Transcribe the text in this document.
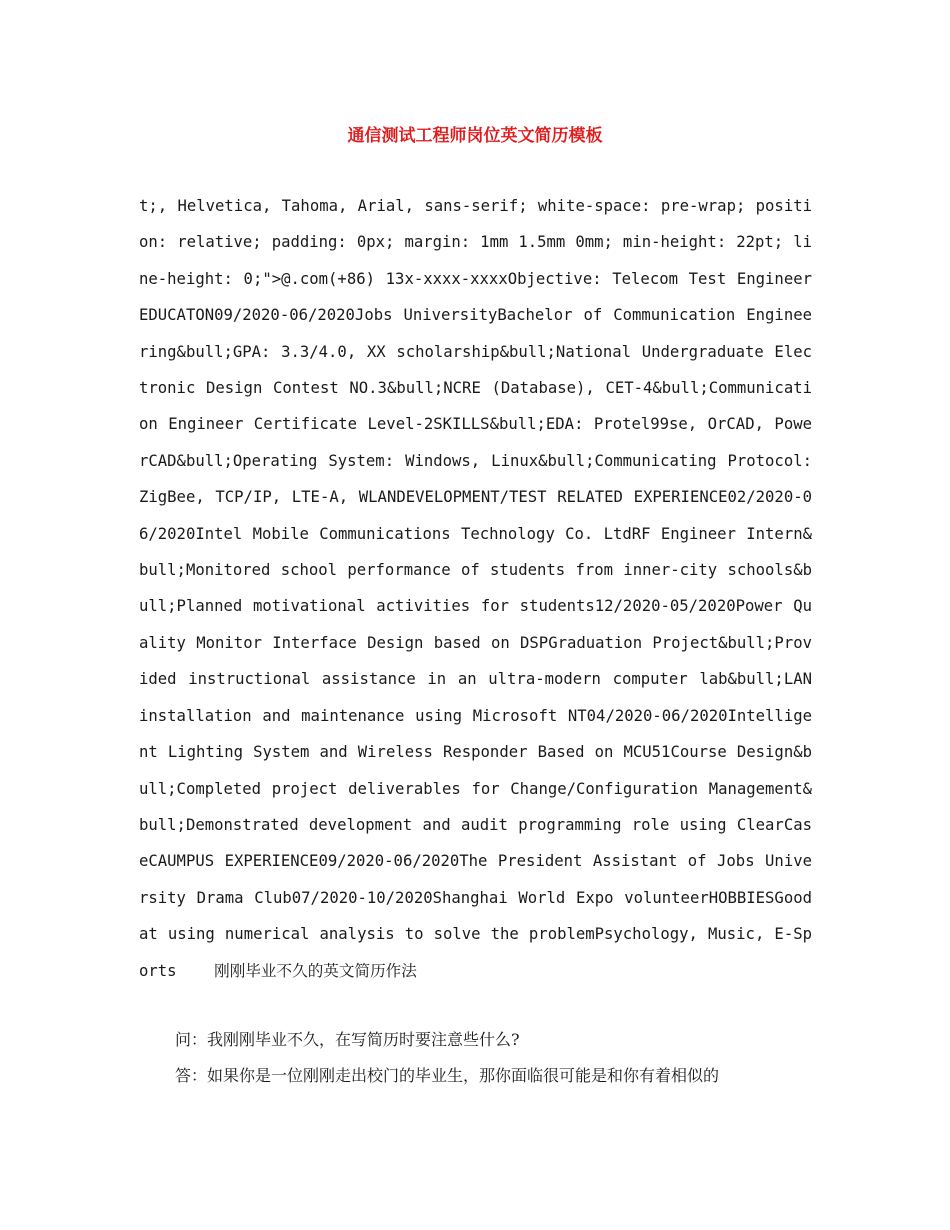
通信测试工程师岗位英文简历模板
t;, Helvetica, Tahoma, Arial, sans-serif; white-space: pre-wrap; position: relative; padding: 0px; margin: 1mm 1.5mm 0mm; min-height: 22pt; line-height: 0;">@.com(+86) 13x-xxxx-xxxxObjective: Telecom Test EngineerEDUCATON09/2020-06/2020Jobs UniversityBachelor of Communication Engineering&bull;GPA: 3.3/4.0, XX scholarship&bull;National Undergraduate Electronic Design Contest NO.3&bull;NCRE (Database), CET-4&bull;Communication Engineer Certificate Level-2SKILLS&bull;EDA: Protel99se, OrCAD, PowerCAD&bull;Operating System: Windows, Linux&bull;Communicating Protocol: ZigBee, TCP/IP, LTE-A, WLANDEVELOPMENT/TEST RELATED EXPERIENCE02/2020-06/2020Intel Mobile Communications Technology Co. LtdRF Engineer Intern&bull;Monitored school performance of students from inner-city schools&bull;Planned motivational activities for students12/2020-05/2020Power Quality Monitor Interface Design based on DSPGraduation Project&bull;Provided instructional assistance in an ultra-modern computer lab&bull;LAN installation and maintenance using Microsoft NT04/2020-06/2020Intelligent Lighting System and Wireless Responder Based on MCU51Course Design&bull;Completed project deliverables for Change/Configuration Management&bull;Demonstrated development and audit programming role using ClearCaseCAUMPUS EXPERIENCE09/2020-06/2020The President Assistant of Jobs University Drama Club07/2020-10/2020Shanghai World Expo volunteerHOBBIESGood at using numerical analysis to solve the problemPsychology, Music, E-Sports 刚刚毕业不久的英文简历作法
问：我刚刚毕业不久，在写简历时要注意些什么?
答：如果你是一位刚刚走出校门的毕业生，那你面临很可能是和你有着相似的
